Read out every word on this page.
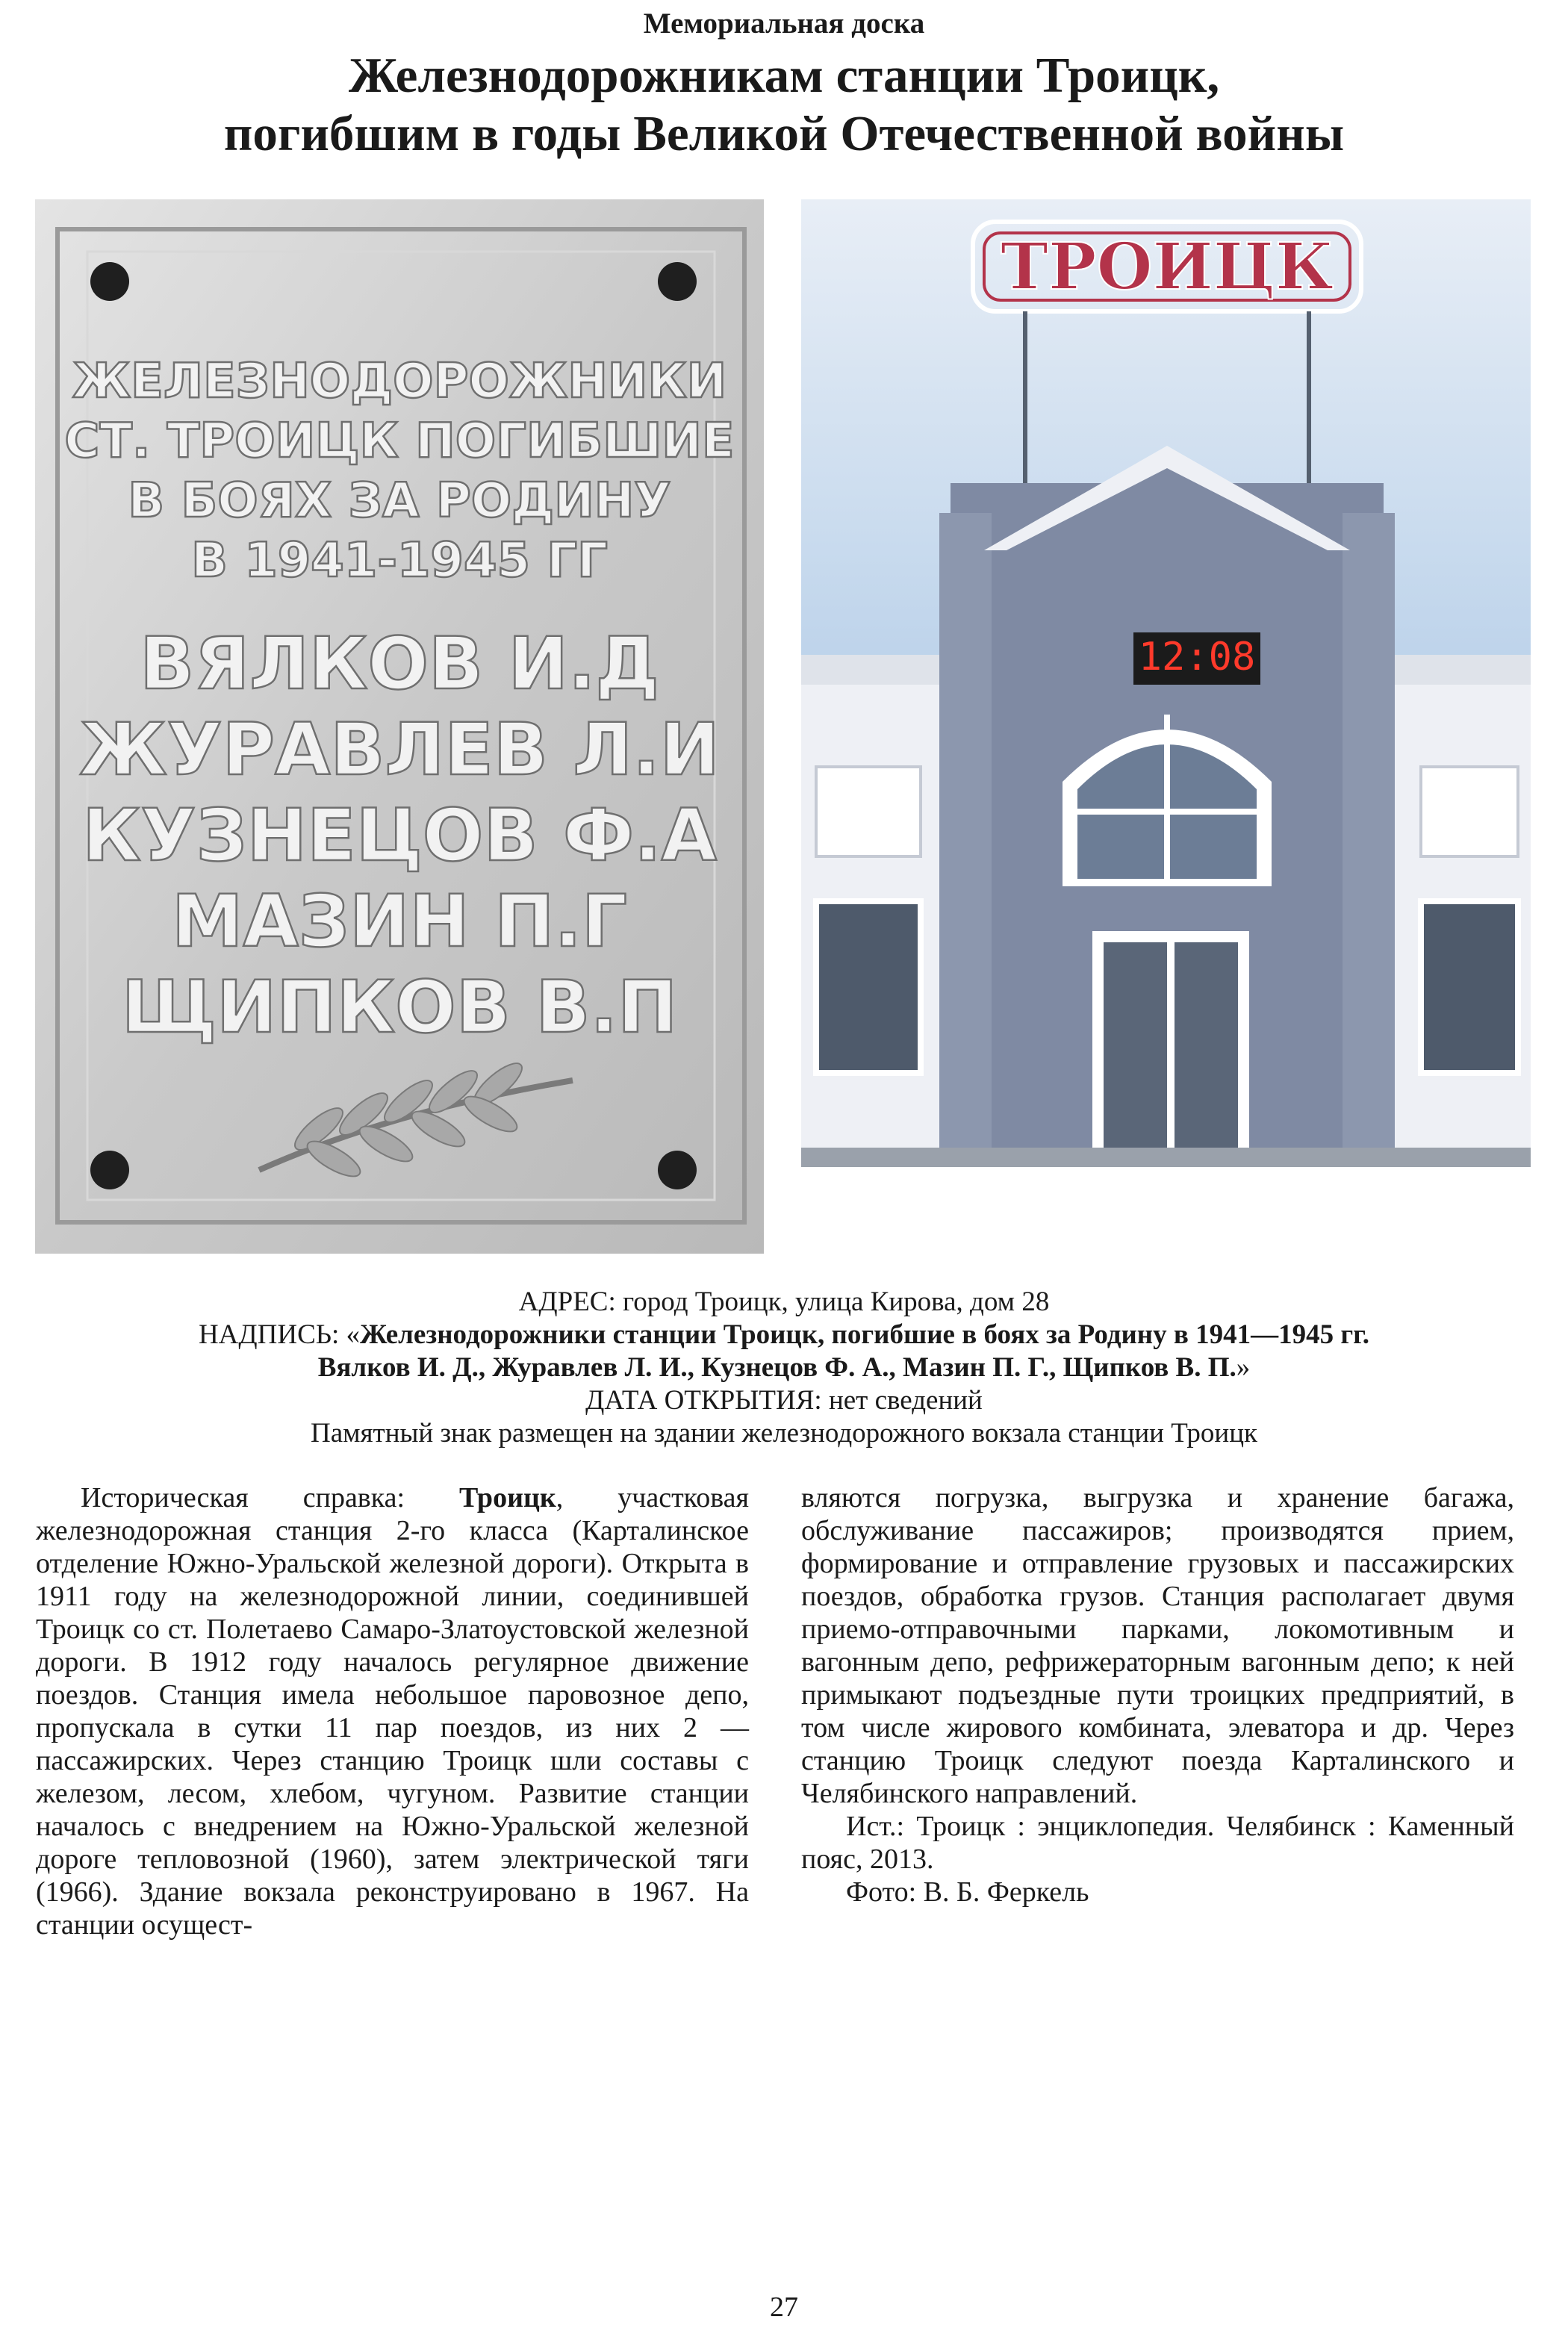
Мемориальная доска
Железнодорожникам станции Троицк,
погибшим в годы Великой Отечественной войны
ЖЕЛЕЗНОДОРОЖНИКИ
СТ. ТРОИЦК ПОГИБШИЕ
В БОЯХ ЗА РОДИНУ
В 1941-1945 ГГ
ВЯЛКОВ И.Д
ЖУРАВЛЕВ Л.И
КУЗНЕЦОВ Ф.А
МАЗИН П.Г
ЩИПКОВ В.П
12:08
ТРОИЦК

АДРЕС: город Троицк, улица Кирова, дом 28

НАДПИСЬ: «Железнодорожники станции Троицк, погибшие в боях за Родину в 1941—1945 гг.

Вялков И. Д., Журавлев Л. И., Кузнецов Ф. А., Мазин П. Г., Щипков В. П.»

ДАТА ОТКРЫТИЯ: нет сведений

Памятный знак размещен на здании железнодорожного вокзала станции Троицк

Историческая справка: Троицк, участковая железнодорожная станция 2-го класса (Карталинское отделение Южно-Уральской железной дороги). Открыта в 1911 году на железнодорожной линии, соединившей Троицк со ст. Полетаево Самаро-Златоустовской железной дороги. В 1912 году началось регулярное движение поездов. Станция имела небольшое паровозное депо, пропускала в сутки 11 пар поездов, из них 2 — пассажирских. Через станцию Троицк шли составы с железом, лесом, хлебом, чугуном. Развитие станции началось с внедрением на Южно-Уральской железной дороге тепловозной (1960), затем электрической тяги (1966). Здание вокзала реконструировано в 1967. На станции осущест-

вляются погрузка, выгрузка и хранение багажа, обслуживание пассажиров; производятся прием, формирование и отправление грузовых и пассажирских поездов, обработка грузов. Станция располагает двумя приемо-отправочными парками, локомотивным и вагонным депо, рефрижераторным вагонным депо; к ней примыкают подъездные пути троицких предприятий, в том числе жирового комбината, элеватора и др. Через станцию Троицк следуют поезда Карталинского и Челябинского направлений.

Ист.: Троицк : энциклопедия. Челябинск : Каменный пояс, 2013.

Фото: В. Б. Феркель

27
